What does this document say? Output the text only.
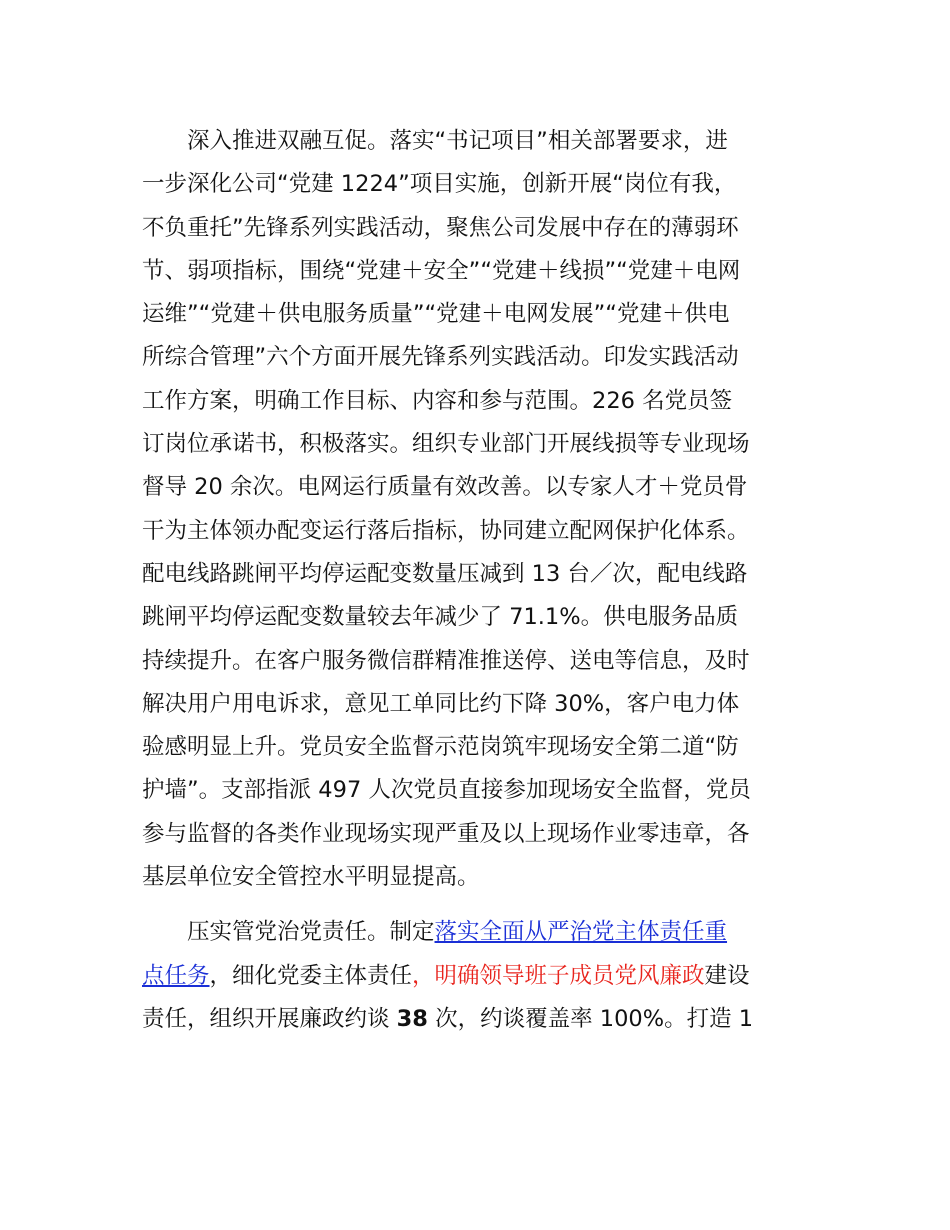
　　深入推进双融互促。落实“书记项目”相关部署要求，进
一步深化公司“党建 1224”项目实施，创新开展“岗位有我，
不负重托”先锋系列实践活动，聚焦公司发展中存在的薄弱环
节、弱项指标，围绕“党建＋安全”“党建＋线损”“党建＋电网
运维”“党建＋供电服务质量”“党建＋电网发展”“党建＋供电
所综合管理”六个方面开展先锋系列实践活动。印发实践活动
工作方案，明确工作目标、内容和参与范围。226 名党员签
订岗位承诺书，积极落实。组织专业部门开展线损等专业现场
督导 20 余次。电网运行质量有效改善。以专家人才＋党员骨
干为主体领办配变运行落后指标，协同建立配网保护化体系。
配电线路跳闸平均停运配变数量压减到 13 台／次，配电线路
跳闸平均停运配变数量较去年减少了 71.1%。供电服务品质
持续提升。在客户服务微信群精准推送停、送电等信息，及时
解决用户用电诉求，意见工单同比约下降 30%，客户电力体
验感明显上升。党员安全监督示范岗筑牢现场安全第二道“防
护墙”。支部指派 497 人次党员直接参加现场安全监督，党员
参与监督的各类作业现场实现严重及以上现场作业零违章，各
基层单位安全管控水平明显提高。
　　压实管党治党责任。制定落实全面从严治党主体责任重
点任务，细化党委主体责任，明确领导班子成员党风廉政建设
责任，组织开展廉政约谈 38 次，约谈覆盖率 100%。打造 1
